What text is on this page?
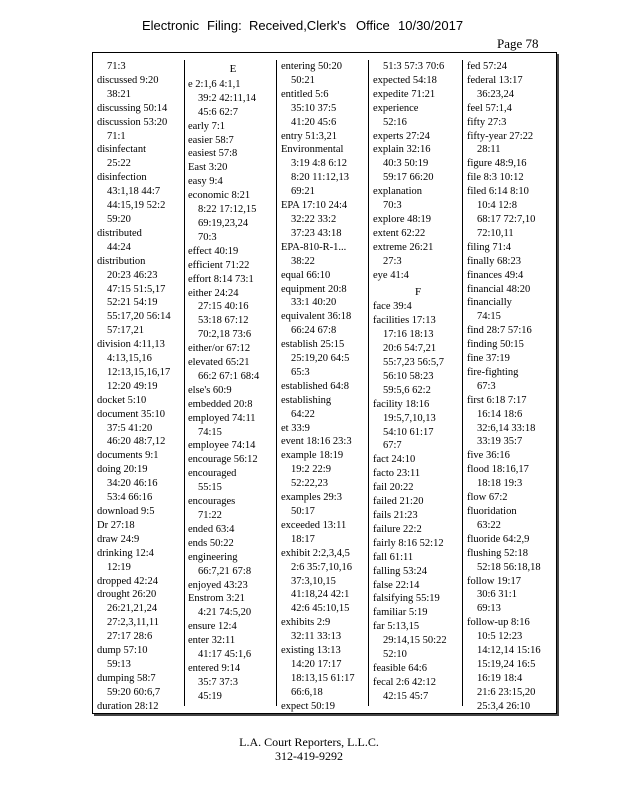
Electronic Filing: Received,Clerk's Office 10/30/2017
Page 78
71:3
discussed 9:20
38:21
discussing 50:14
discussion 53:20
71:1
disinfectant
25:22
disinfection
43:1,18 44:7
44:15,19 52:2
59:20
distributed
44:24
distribution
20:23 46:23
47:15 51:5,17
52:21 54:19
55:17,20 56:14
57:17,21
division 4:11,13
4:13,15,16
12:13,15,16,17
12:20 49:19
docket 5:10
document 35:10
37:5 41:20
46:20 48:7,12
documents 9:1
doing 20:19
34:20 46:16
53:4 66:16
download 9:5
Dr 27:18
draw 24:9
drinking 12:4
12:19
dropped 42:24
drought 26:20
26:21,21,24
27:2,3,11,11
27:17 28:6
dump 57:10
59:13
dumping 58:7
59:20 60:6,7
duration 28:12
E
e 2:1,6 4:1,1
39:2 42:11,14
45:6 62:7
early 7:1
easier 58:7
easiest 57:8
East 3:20
easy 9:4
economic 8:21
8:22 17:12,15
69:19,23,24
70:3
effect 40:19
efficient 71:22
effort 8:14 73:1
either 24:24
27:15 40:16
53:18 67:12
70:2,18 73:6
either/or 67:12
elevated 65:21
66:2 67:1 68:4
else's 60:9
embedded 20:8
employed 74:11
74:15
employee 74:14
encourage 56:12
encouraged
55:15
encourages
71:22
ended 63:4
ends 50:22
engineering
66:7,21 67:8
enjoyed 43:23
Enstrom 3:21
4:21 74:5,20
ensure 12:4
enter 32:11
41:17 45:1,6
entered 9:14
35:7 37:3
45:19
entering 50:20
50:21
entitled 5:6
35:10 37:5
41:20 45:6
entry 51:3,21
Environmental
3:19 4:8 6:12
8:20 11:12,13
69:21
EPA 17:10 24:4
32:22 33:2
37:23 43:18
EPA-810-R-1...
38:22
equal 66:10
equipment 20:8
33:1 40:20
equivalent 36:18
66:24 67:8
establish 25:15
25:19,20 64:5
65:3
established 64:8
establishing
64:22
et 33:9
event 18:16 23:3
example 18:19
19:2 22:9
52:22,23
examples 29:3
50:17
exceeded 13:11
18:17
exhibit 2:2,3,4,5
2:6 35:7,10,16
37:3,10,15
41:18,24 42:1
42:6 45:10,15
exhibits 2:9
32:11 33:13
existing 13:13
14:20 17:17
18:13,15 61:17
66:6,18
expect 50:19
51:3 57:3 70:6
expected 54:18
expedite 71:21
experience
52:16
experts 27:24
explain 32:16
40:3 50:19
59:17 66:20
explanation
70:3
explore 48:19
extent 62:22
extreme 26:21
27:3
eye 41:4
F
face 39:4
facilities 17:13
17:16 18:13
20:6 54:7,21
55:7,23 56:5,7
56:10 58:23
59:5,6 62:2
facility 18:16
19:5,7,10,13
54:10 61:17
67:7
fact 24:10
facto 23:11
fail 20:22
failed 21:20
fails 21:23
failure 22:2
fairly 8:16 52:12
fall 61:11
falling 53:24
false 22:14
falsifying 55:19
familiar 5:19
far 5:13,15
29:14,15 50:22
52:10
feasible 64:6
fecal 2:6 42:12
42:15 45:7
fed 57:24
federal 13:17
36:23,24
feel 57:1,4
fifty 27:3
fifty-year 27:22
28:11
figure 48:9,16
file 8:3 10:12
filed 6:14 8:10
10:4 12:8
68:17 72:7,10
72:10,11
filing 71:4
finally 68:23
finances 49:4
financial 48:20
financially
74:15
find 28:7 57:16
finding 50:15
fine 37:19
fire-fighting
67:3
first 6:18 7:17
16:14 18:6
32:6,14 33:18
33:19 35:7
five 36:16
flood 18:16,17
18:18 19:3
flow 67:2
fluoridation
63:22
fluoride 64:2,9
flushing 52:18
52:18 56:18,18
follow 19:17
30:6 31:1
69:13
follow-up 8:16
10:5 12:23
14:12,14 15:16
15:19,24 16:5
16:19 18:4
21:6 23:15,20
25:3,4 26:10
L.A. Court Reporters, L.L.C.
312-419-9292
